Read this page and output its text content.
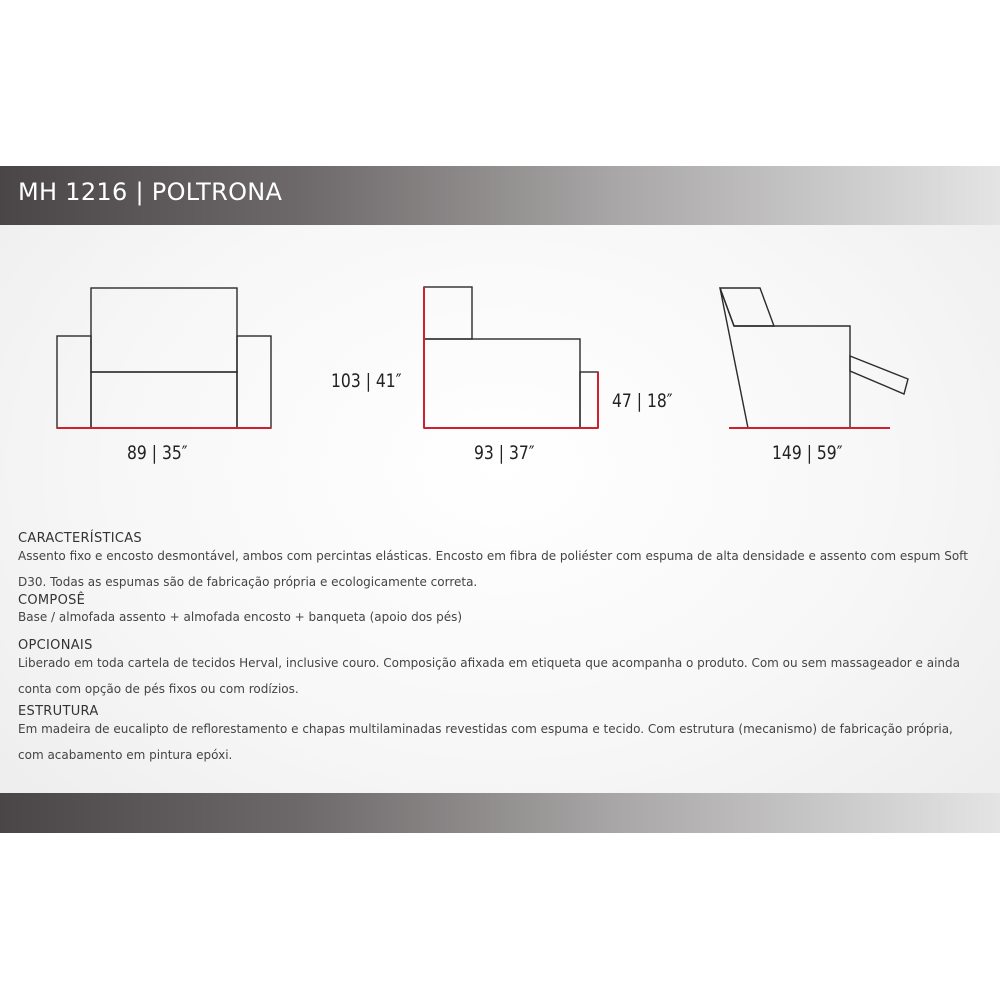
MH 1216 | POLTRONA
89 | 35″
103 | 41″
47 | 18″
93 | 37″	149 | 59″
CARACTERÍSTICAS
Assento fixo e encosto desmontável, ambos com percintas elásticas. Encosto em fibra de poliéster com espuma de alta densidade e assento com espum Soft D30. Todas as espumas são de fabricação própria e ecologicamente correta.
COMPOSÊ
Base / almofada assento + almofada encosto + banqueta (apoio dos pés)
OPCIONAIS
Liberado em toda cartela de tecidos Herval, inclusive couro. Composição afixada em etiqueta que acompanha o produto. Com ou sem massageador e ainda conta com opção de pés fixos ou com rodízios.
ESTRUTURA
Em madeira de eucalipto de reflorestamento e chapas multilaminadas revestidas com espuma e tecido. Com estrutura (mecanismo) de fabricação própria, com acabamento em pintura epóxi.
